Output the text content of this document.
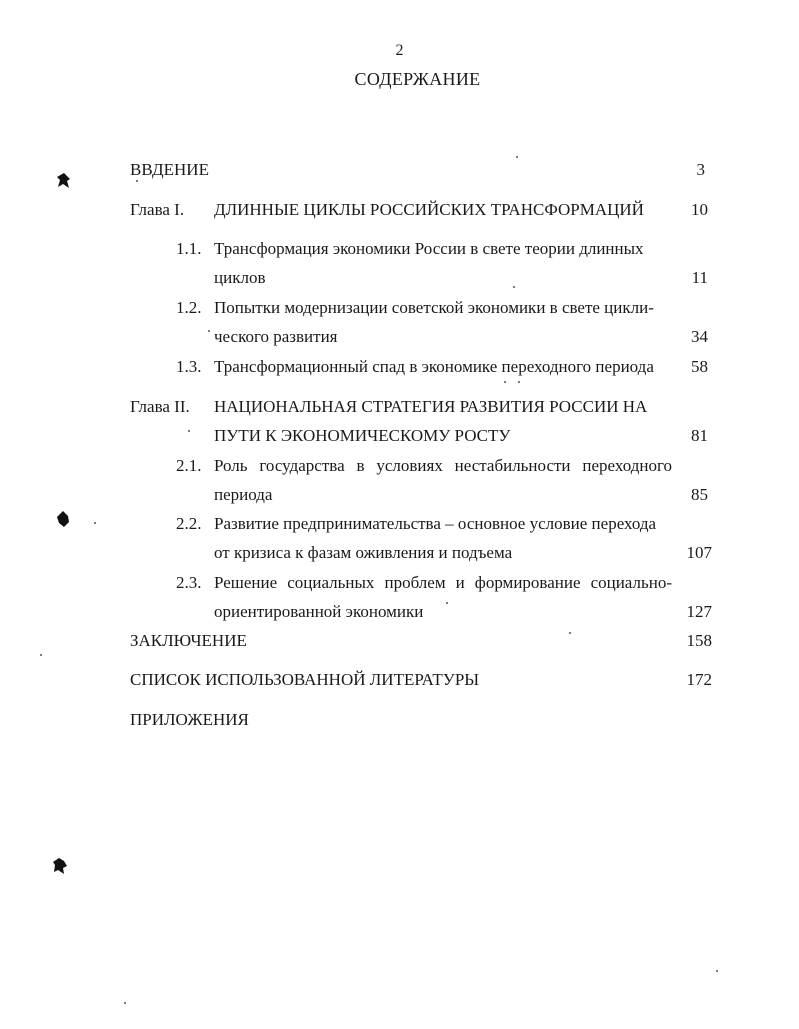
2
СОДЕРЖАНИЕ
ВВДЕНИЕ	3
Глава I. ДЛИННЫЕ ЦИКЛЫ РОССИЙСКИХ ТРАНСФОРМАЦИЙ	10
1.1. Трансформация экономики России в свете теории длинных
циклов	11
1.2. Попытки модернизации советской экономики в свете цикли-
ческого развития	34
1.3. Трансформационный спад в экономике переходного периода	58
Глава II. НАЦИОНАЛЬНАЯ СТРАТЕГИЯ РАЗВИТИЯ РОССИИ НА
ПУТИ К ЭКОНОМИЧЕСКОМУ РОСТУ	81
2.1. Роль государства в условиях нестабильности переходного
периода	85
2.2. Развитие предпринимательства – основное условие перехода
от кризиса к фазам оживления и подъема	107
2.3. Решение социальных проблем и формирование социально-
ориентированной экономики	127
ЗАКЛЮЧЕНИЕ	158
СПИСОК ИСПОЛЬЗОВАННОЙ ЛИТЕРАТУРЫ	172
ПРИЛОЖЕНИЯ
